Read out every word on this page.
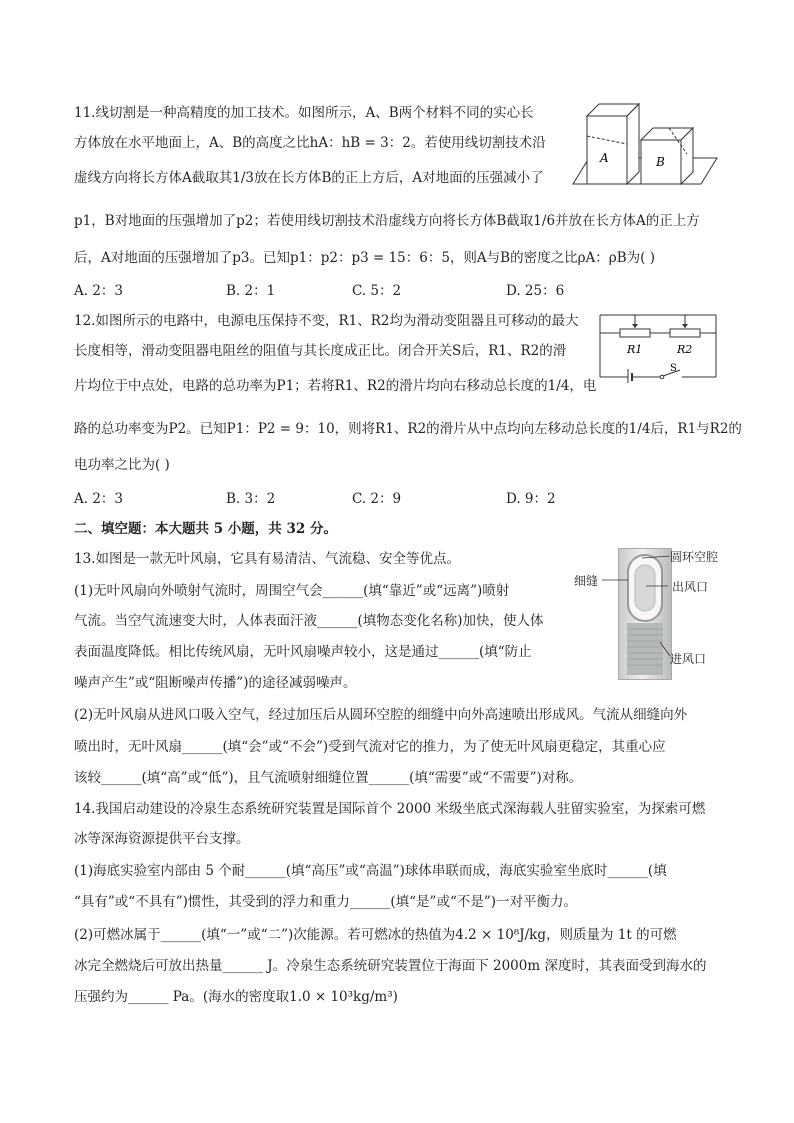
11.线切割是一种高精度的加工技术。如图所示，A、B两个材料不同的实心长
方体放在水平地面上，A、B的高度之比hA：hB = 3：2。若使用线切割技术沿
虚线方向将长方体A截取其1/3放在长方体B的正上方后，A对地面的压强减小了
p1，B对地面的压强增加了p2；若使用线切割技术沿虚线方向将长方体B截取1/6并放在长方体A的正上方
后，A对地面的压强增加了p3。已知p1：p2：p3 = 15：6：5，则A与B的密度之比ρA：ρB为( )
A. 2：3	B. 2：1	C. 5：2	D. 25：6
A	B
12.如图所示的电路中，电源电压保持不变，R1、R2均为滑动变阻器且可移动的最大
长度相等，滑动变阻器电阻丝的阻值与其长度成正比。闭合开关S后，R1、R2的滑
片均位于中点处，电路的总功率为P1；若将R1、R2的滑片均向右移动总长度的1/4，电
路的总功率变为P2。已知P1：P2 = 9：10，则将R1、R2的滑片从中点均向左移动总长度的1/4后，R1与R2的
电功率之比为( )
A. 2：3	B. 3：2	C. 2：9	D. 9：2
R1	R2
S
二、填空题：本大题共 5 小题，共 32 分。
13.如图是一款无叶风扇，它具有易清洁、气流稳、安全等优点。
(1)无叶风扇向外喷射气流时，周围空气会______(填“靠近”或“远离”)喷射
气流。当空气流速变大时，人体表面汗液______(填物态变化名称)加快，使人体
表面温度降低。相比传统风扇，无叶风扇噪声较小，这是通过______(填“防止
噪声产生”或“阻断噪声传播”)的途径减弱噪声。
(2)无叶风扇从进风口吸入空气，经过加压后从圆环空腔的细缝中向外高速喷出形成风。气流从细缝向外
喷出时，无叶风扇______(填“会”或“不会”)受到气流对它的推力，为了使无叶风扇更稳定，其重心应
该较______(填“高”或“低”)，且气流喷射细缝位置______(填“需要”或“不需要”)对称。
圆环空腔
细缝	出风口
进风口
14.我国启动建设的冷泉生态系统研究装置是国际首个 2000 米级坐底式深海载人驻留实验室，为探索可燃
冰等深海资源提供平台支撑。
(1)海底实验室内部由 5 个耐______(填“高压”或“高温”)球体串联而成，海底实验室坐底时______(填
“具有”或“不具有”)惯性，其受到的浮力和重力______(填“是”或“不是”)一对平衡力。
(2)可燃冰属于______(填“一”或“二”)次能源。若可燃冰的热值为4.2 × 10⁸J/kg，则质量为 1t 的可燃
冰完全燃烧后可放出热量______ J。冷泉生态系统研究装置位于海面下 2000m 深度时，其表面受到海水的
压强约为______ Pa。(海水的密度取1.0 × 10³kg/m³)
